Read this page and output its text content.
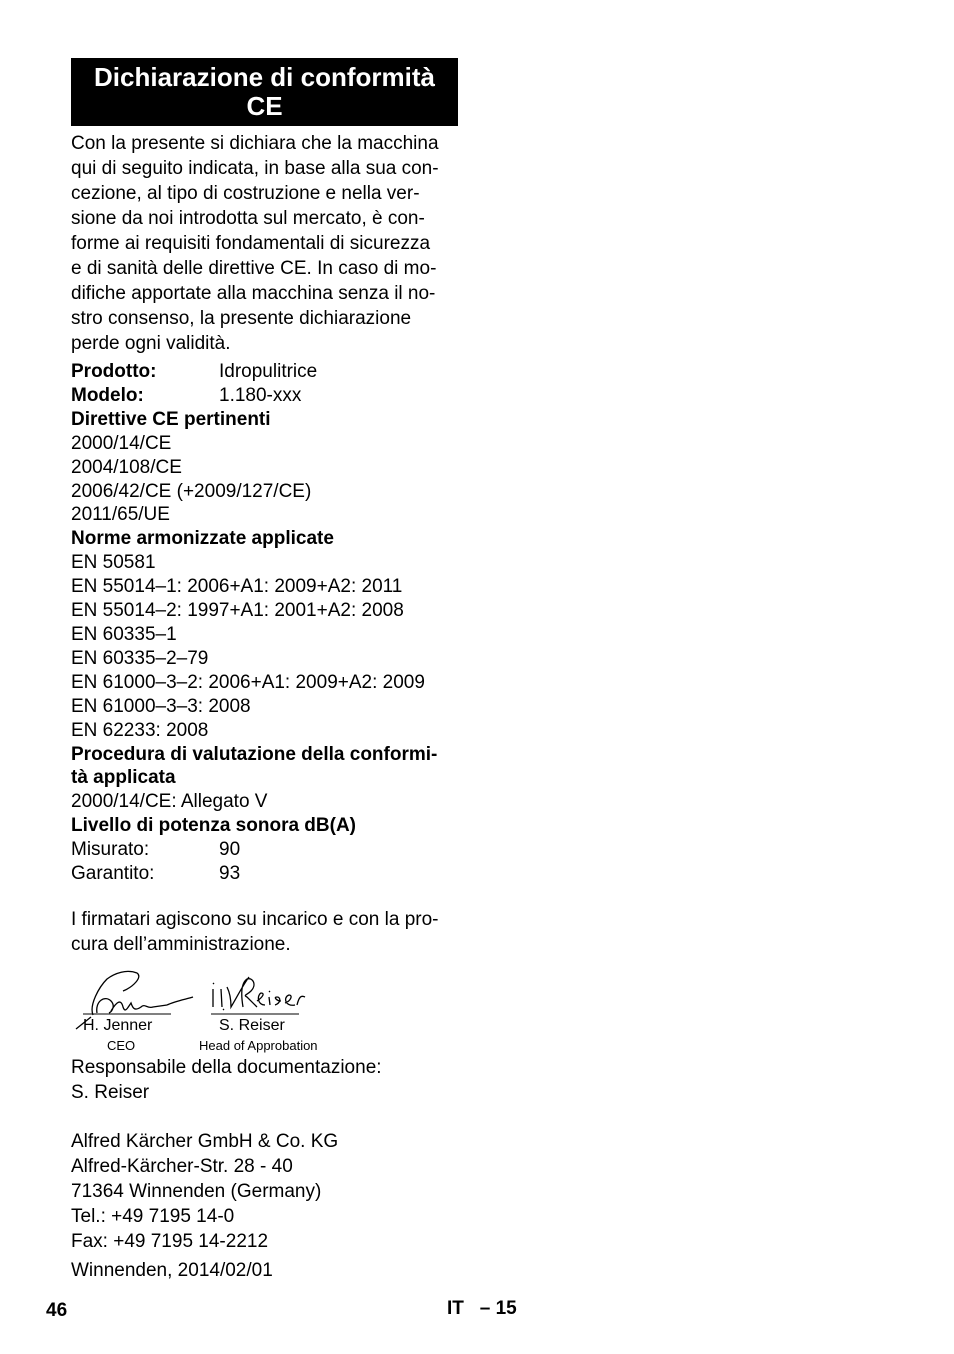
Dichiarazione di conformità
CE
Con la presente si dichiara che la macchina
qui di seguito indicata, in base alla sua con-
cezione, al tipo di costruzione e nella ver-
sione da noi introdotta sul mercato, è con-
forme ai requisiti fondamentali di sicurezza
e di sanità delle direttive CE. In caso di mo-
difiche apportate alla macchina senza il no-
stro consenso, la presente dichiarazione
perde ogni validità.
Prodotto:	Idropulitrice
Modelo:	1.180-xxx
Direttive CE pertinenti
2000/14/CE
2004/108/CE
2006/42/CE (+2009/127/CE)
2011/65/UE
Norme armonizzate applicate
EN 50581
EN 55014–1: 2006+A1: 2009+A2: 2011
EN 55014–2: 1997+A1: 2001+A2: 2008
EN 60335–1
EN 60335–2–79
EN 61000–3–2: 2006+A1: 2009+A2: 2009
EN 61000–3–3: 2008
EN 62233: 2008
Procedura di valutazione della conformi-
tà applicata
2000/14/CE: Allegato V
Livello di potenza sonora dB(A)
Misurato:	90
Garantito:	93
I firmatari agiscono su incarico e con la pro-
cura dell’amministrazione.
H. Jenner
CEO
S. Reiser
Head of Approbation
Responsabile della documentazione:
S. Reiser
Alfred Kärcher GmbH & Co. KG
Alfred-Kärcher-Str. 28 - 40
71364 Winnenden (Germany)
Tel.: +49 7195 14-0
Fax: +49 7195 14-2212
Winnenden, 2014/02/01
46	IT   – 15
